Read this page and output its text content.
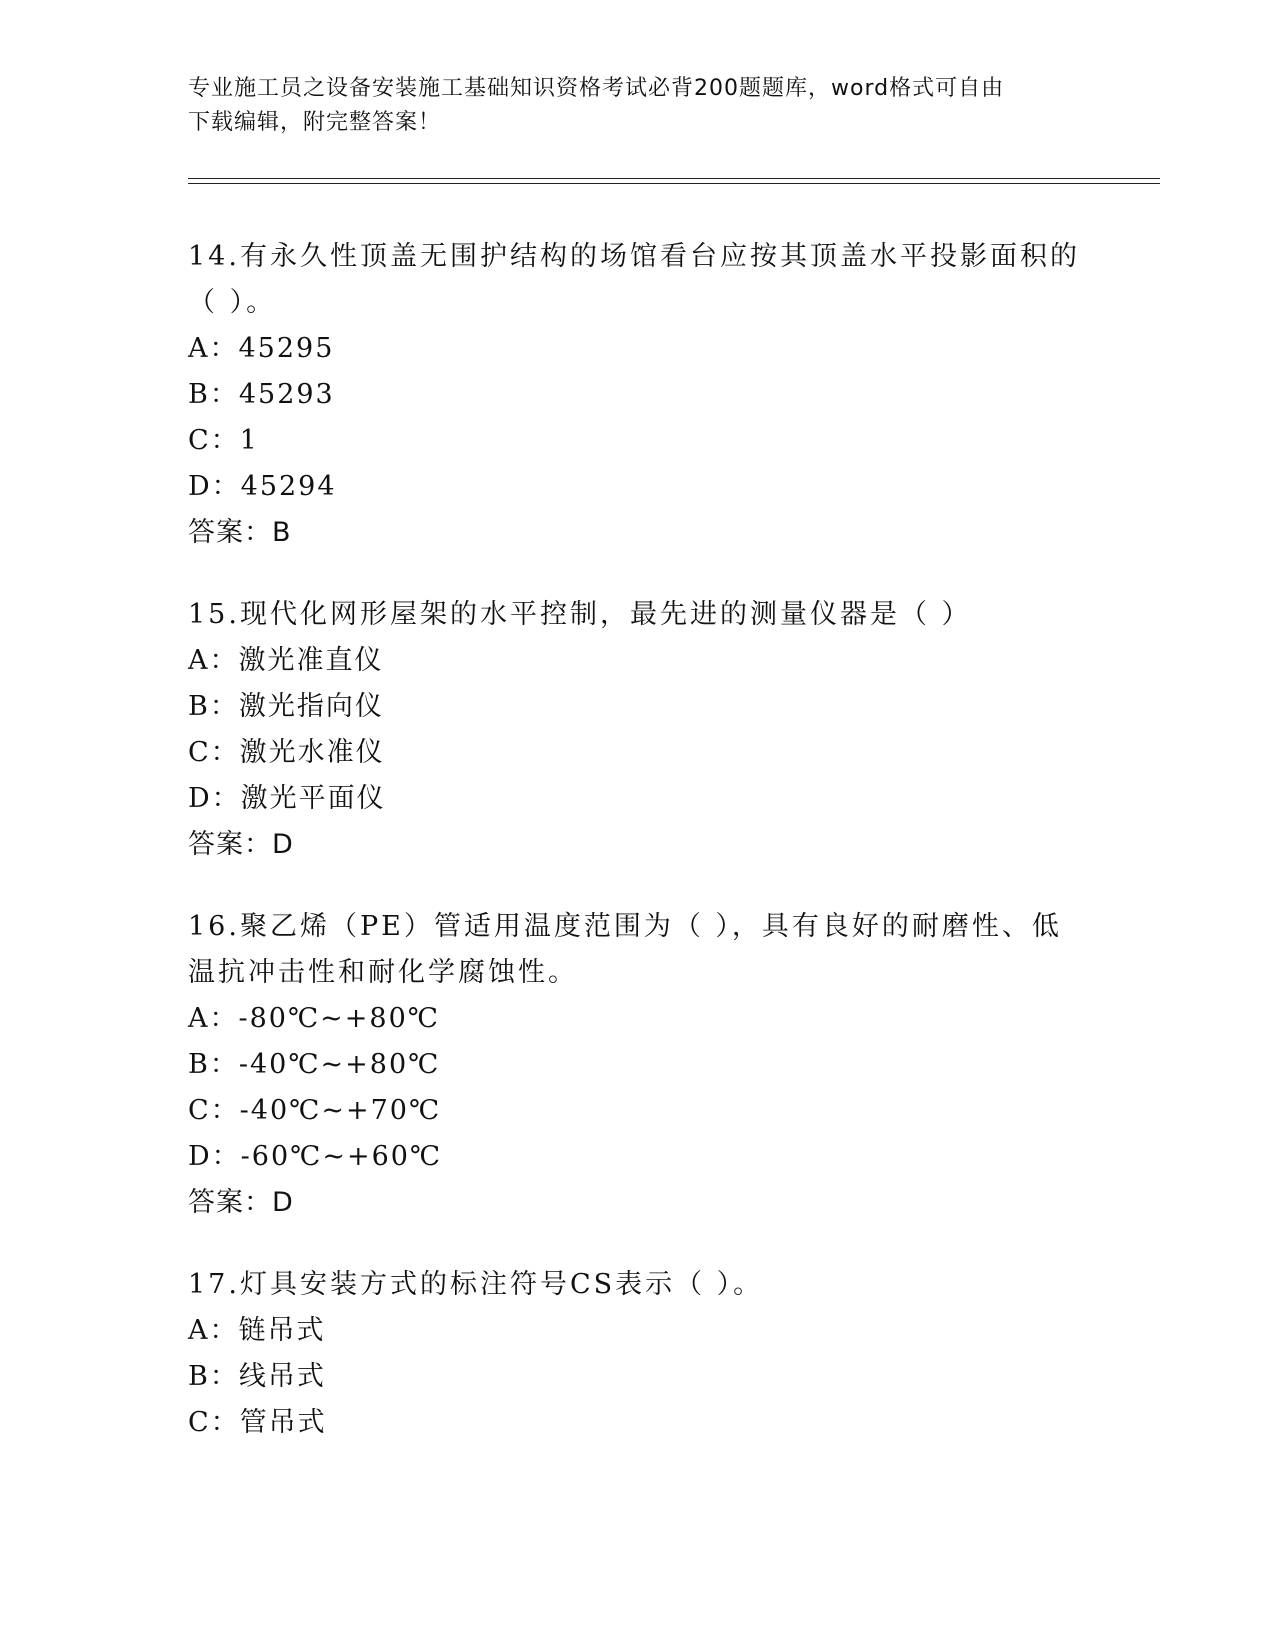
专业施工员之设备安装施工基础知识资格考试必背200题题库，word格式可自由
下载编辑，附完整答案！
14.有永久性顶盖无围护结构的场馆看台应按其顶盖水平投影面积的（ ）。
A：45295
B：45293
C：1
D：45294
答案：B
15.现代化网形屋架的水平控制，最先进的测量仪器是（ ）
A：激光准直仪
B：激光指向仪
C：激光水准仪
D：激光平面仪
答案：D
16.聚乙烯（PE）管适用温度范围为（ ），具有良好的耐磨性、低温抗冲击性和耐化学腐蚀性。
A：-80℃~+80℃
B：-40℃~+80℃
C：-40℃~+70℃
D：-60℃~+60℃
答案：D
17.灯具安装方式的标注符号CS表示（ ）。
A：链吊式
B：线吊式
C：管吊式
